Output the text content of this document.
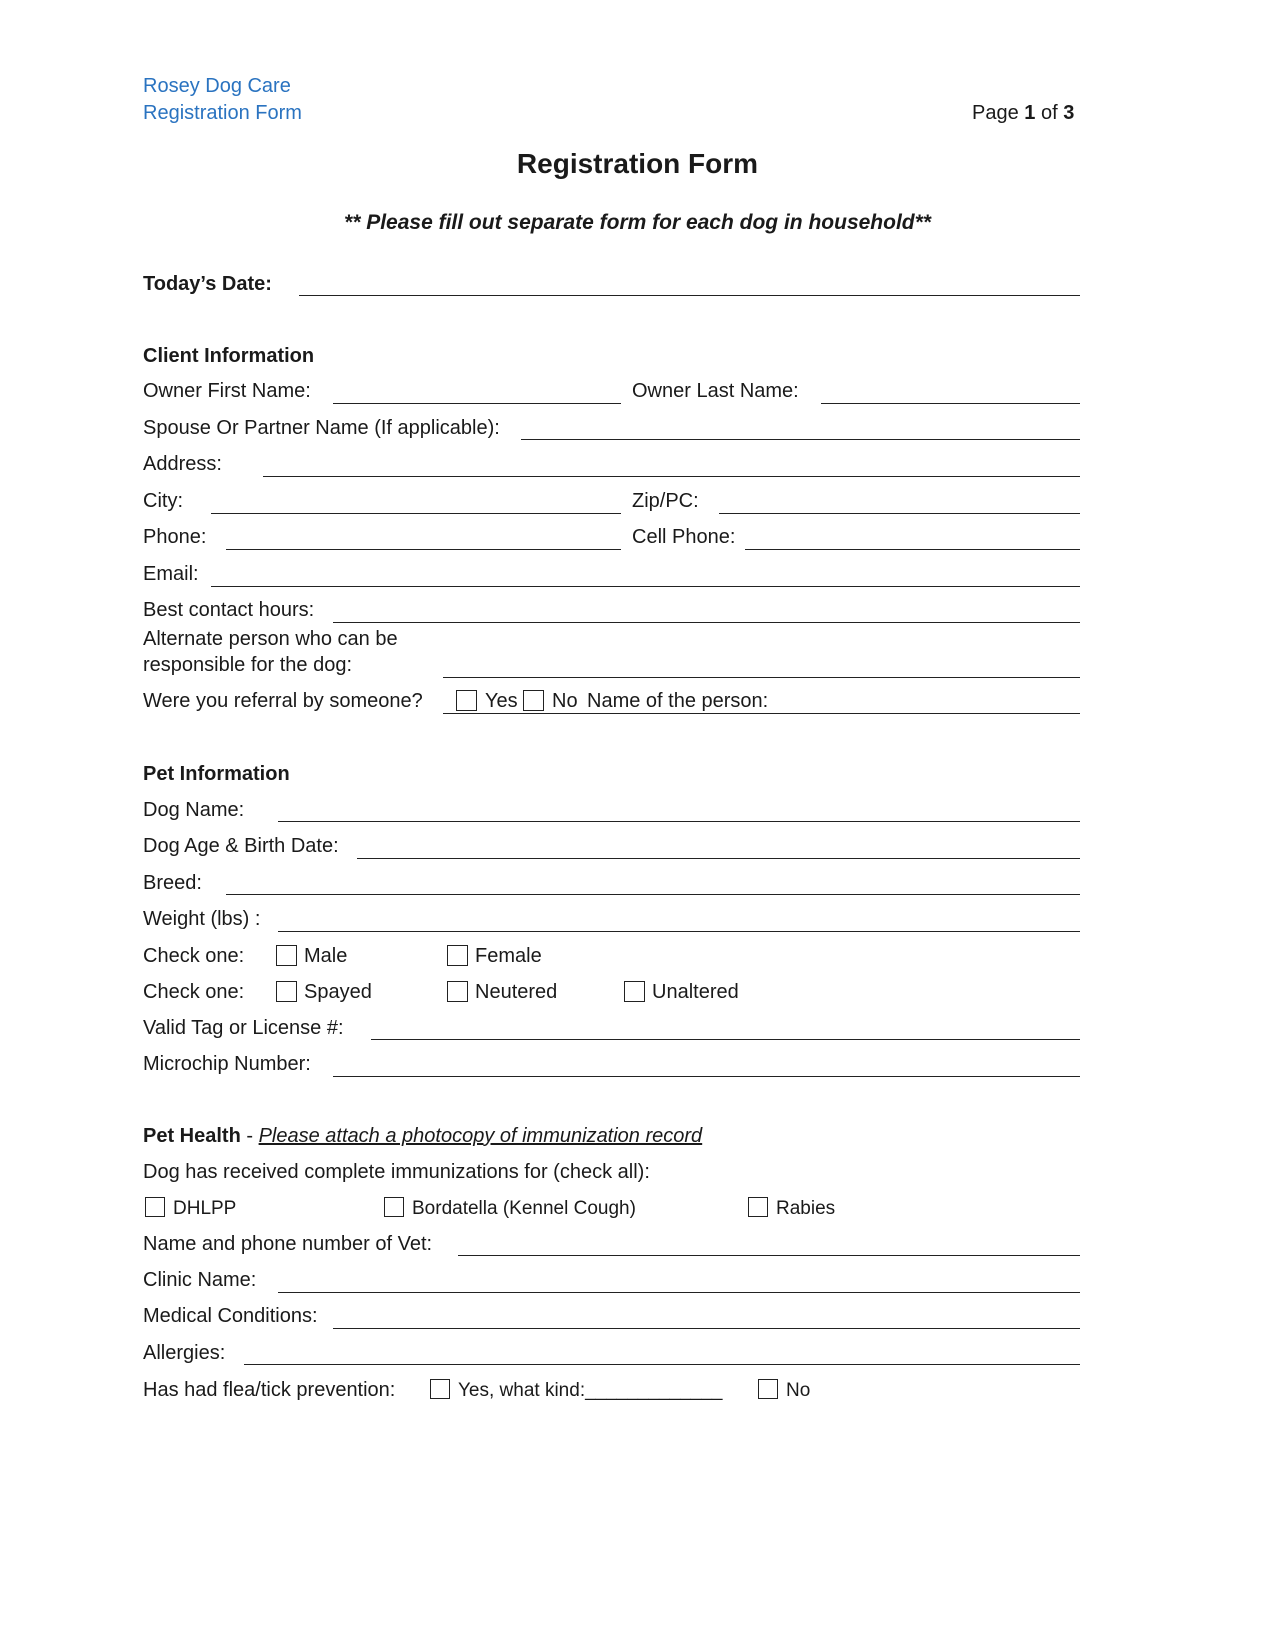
Rosey Dog Care
Registration Form	Page 1 of 3
Registration Form
** Please fill out separate form for each dog in household**
Today’s Date:
Client Information
Owner First Name:	Owner Last Name:
Spouse Or Partner Name (If applicable):
Address:
City:	Zip/PC:
Phone:	Cell Phone:
Email:
Best contact hours:
Alternate person who can be
responsible for the dog:
Were you referral by someone?	Yes No Name of the person:
Pet Information
Dog Name:
Dog Age & Birth Date:
Breed:
Weight (lbs) :
Check one:	Male	Female
Check one:	Spayed	Neutered	Unaltered
Valid Tag or License #:
Microchip Number:
Pet Health - Please attach a photocopy of immunization record
Dog has received complete immunizations for (check all):
DHLPP	Bordatella (Kennel Cough)	Rabies
Name and phone number of Vet:
Clinic Name:
Medical Conditions:
Allergies:
Has had flea/tick prevention:	Yes, what kind:_____________	No
